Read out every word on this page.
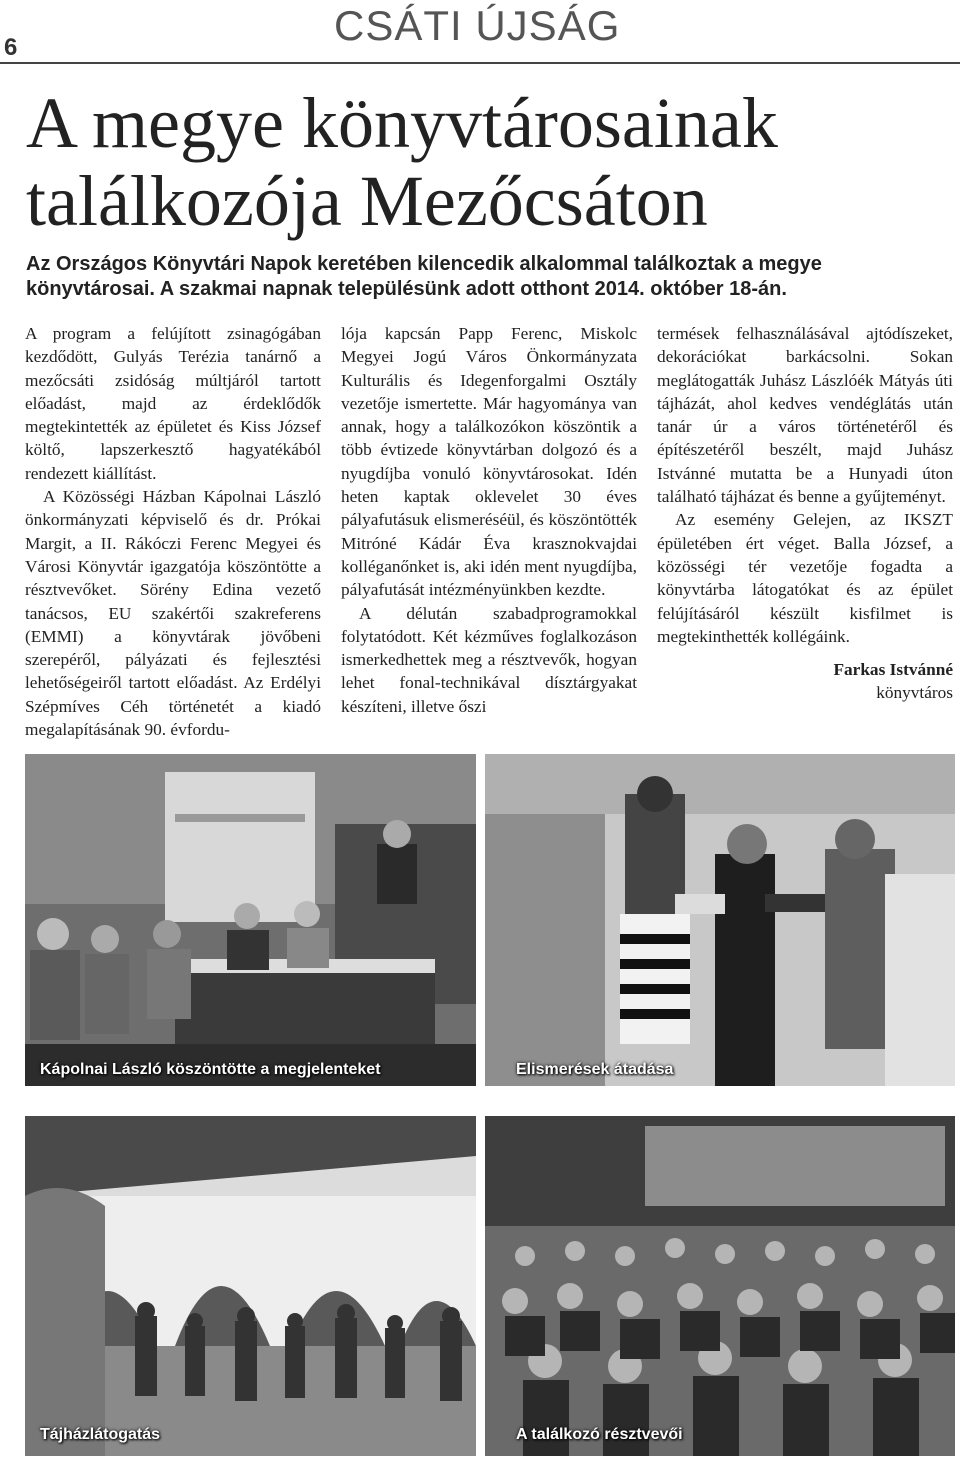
6	CSÁTI ÚJSÁG
A megye könyvtárosainak
találkozója Mezőcsáton

Az Országos Könyvtári Napok keretében kilencedik alkalommal találkoztak a megye könyvtárosai. A szakmai napnak településünk adott otthont 2014. október 18-án.

A program a felújított zsinagógában kezdődött, Gulyás Terézia tanárnő a mezőcsáti zsidóság múltjáról tartott előadást, majd az érdeklődők megtekintették az épületet és Kiss József költő, lapszerkesztő hagyatékából rendezett kiállítást.

A Közösségi Házban Kápolnai László önkormányzati képviselő és dr. Prókai Margit, a II. Rákóczi Ferenc Megyei és Városi Könyvtár igazgatója köszöntötte a résztvevőket. Sörény Edina vezető tanácsos, EU szakértői szakreferens (EMMI) a könyvtárak jövőbeni szerepéről, pályázati és fejlesztési lehetőségeiről tartott előadást. Az Erdélyi Szépmíves Céh történetét a kiadó megalapításának 90. évfordu-

lója kapcsán Papp Ferenc, Miskolc Megyei Jogú Város Önkormányzata Kulturális és Idegenforgalmi Osztály vezetője ismertette. Már hagyománya van annak, hogy a találkozókon köszöntik a több évtizede könyvtárban dolgozó és a nyugdíjba vonuló könyvtárosokat. Idén heten kaptak oklevelet 30 éves pályafutásuk elismeréséül, és köszöntötték Mitróné Kádár Éva krasznokvajdai kolléganőnket is, aki idén ment nyugdíjba, pályafutását intézményünkben kezdte.

A délután szabadprogramokkal folytatódott. Két kézműves foglalkozáson ismerkedhettek meg a résztvevők, hogyan lehet fonal-technikával dísztárgyakat készíteni, illetve őszi

termések felhasználásával ajtódíszeket, dekorációkat barkácsolni. Sokan meglátogatták Juhász Lászlóék Mátyás úti tájházát, ahol kedves vendéglátás után tanár úr a város történetéről és építészetéről beszélt, majd Juhász Istvánné mutatta be a Hunyadi úton található tájházat és benne a gyűjteményt.

Az esemény Gelejen, az IKSZT épületében ért véget. Balla József, a közösségi tér vezetője fogadta a könyvtárba látogatókat és az épület felújításáról készült kisfilmet is megtekinthették kollégáink.

Farkas Istvánné

könyvtáros

Kápolnai László köszöntötte a megjelenteket	Elismerések átadása
Tájházlátogatás	A találkozó résztvevői
